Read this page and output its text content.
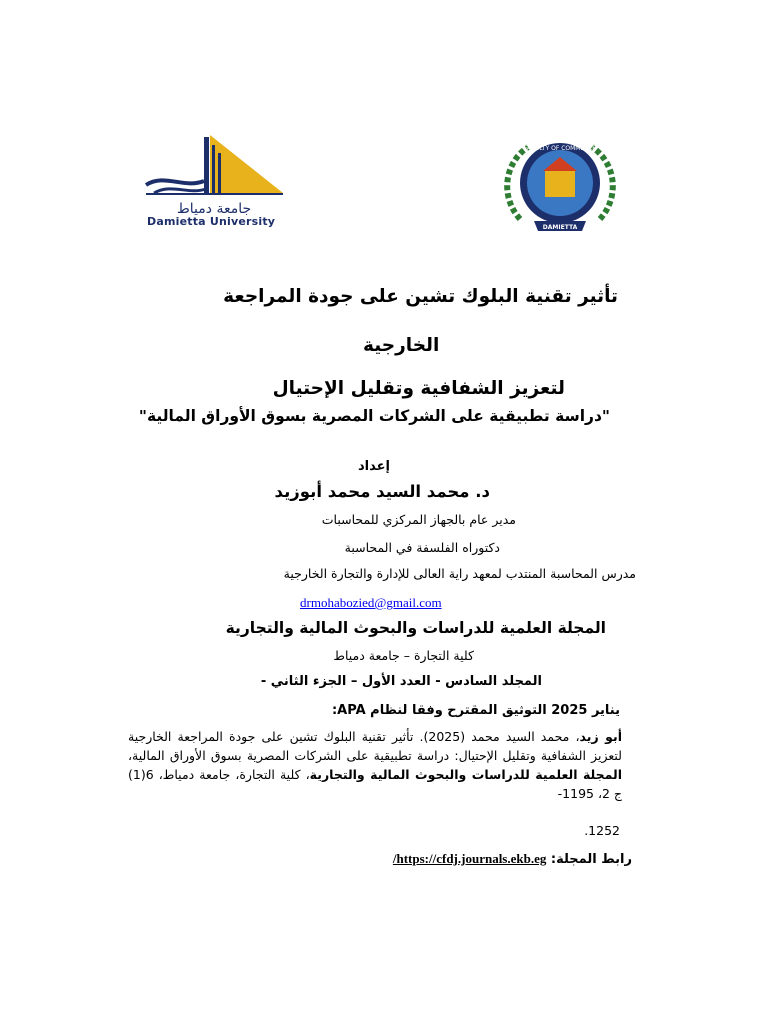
جامعة دمياط
Damietta University
FACULTY OF COMMERCE
DAMIETTA
تأثير تقنية البلوك تشين على جودة المراجعة
الخارجية
لتعزيز الشفافية وتقليل الإحتيال
"دراسة تطبيقية على الشركات المصرية بسوق الأوراق المالية"
إعداد
د. محمد السيد محمد أبوزيد
مدير عام بالجهاز المركزي للمحاسبات
دكتوراه الفلسفة في المحاسبة
مدرس المحاسبة المنتدب لمعهد راية العالى للإدارة والتجارة الخارجية
drmohabozied@gmail.com
المجلة العلمية للدراسات والبحوث المالية والتجارية
كلية التجارة – جامعة دمياط
المجلد السادس - العدد الأول – الجزء الثاني -
يناير 2025 التوثيق المقترح وفقا لنظام APA:
أبو زيد، محمد السيد محمد (2025). تأثير تقنية البلوك تشين على جودة المراجعة الخارجية لتعزيز الشفافية وتقليل الإحتيال: دراسة تطبيقية على الشركات المصرية بسوق الأوراق المالية، المجلة العلمية للدراسات والبحوث المالية والتجارية، كلية التجارة، جامعة دمياط، 6(1) ج 2، 1195-
.1252
رابط المجلة: https://cfdj.journals.ekb.eg/
